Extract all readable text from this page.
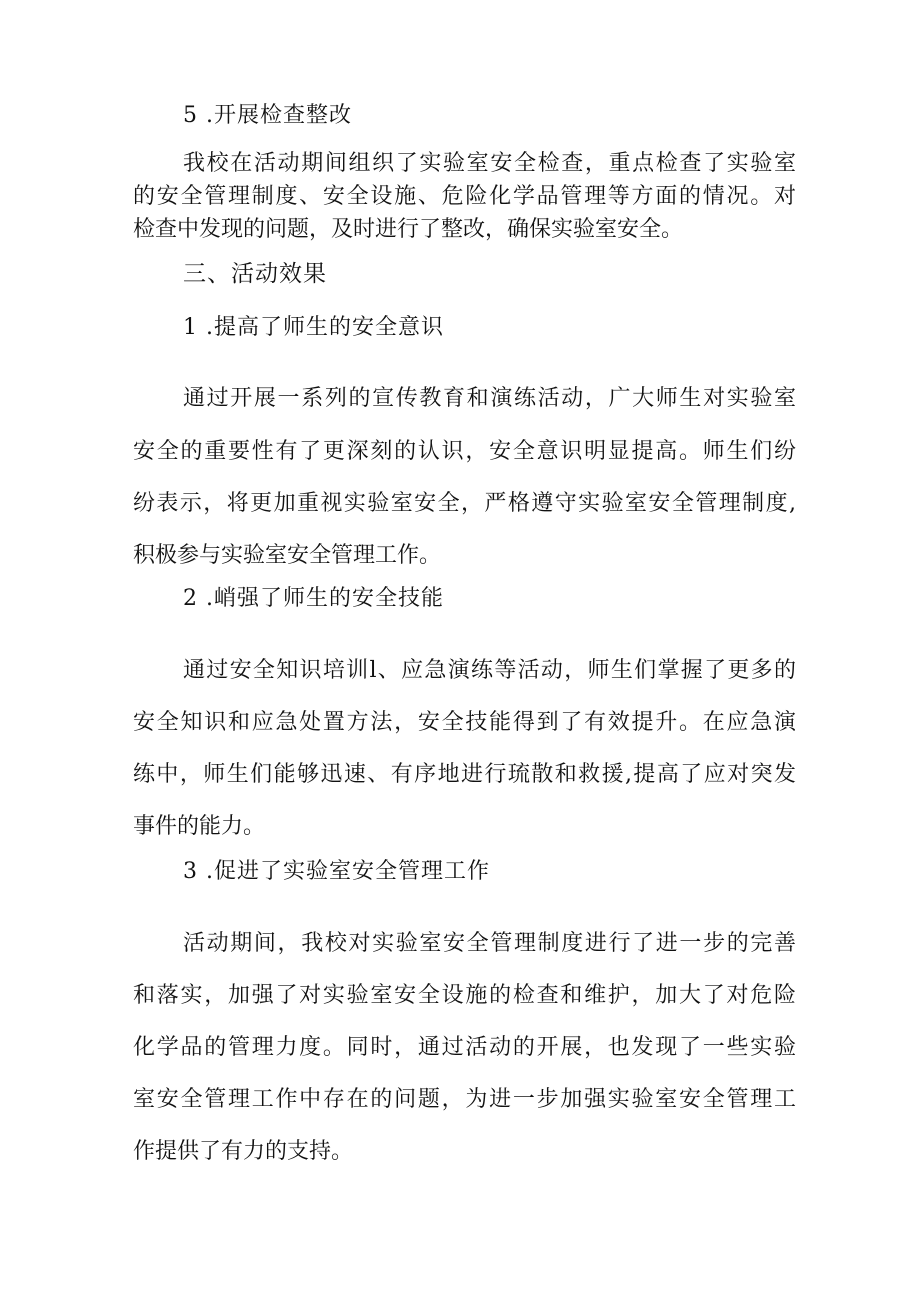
5 .开展检查整改
我校在活动期间组织了实验室安全检查，重点检查了实验室
的安全管理制度、安全设施、危险化学品管理等方面的情况。对
检查中发现的问题，及时进行了整改，确保实验室安全。
三、活动效果
1 .提高了师生的安全意识
通过开展一系列的宣传教育和演练活动，广大师生对实验室
安全的重要性有了更深刻的认识，安全意识明显提高。师生们纷
纷表示，将更加重视实验室安全，严格遵守实验室安全管理制度,
积极参与实验室安全管理工作。
2 .峭强了师生的安全技能
通过安全知识培训l、应急演练等活动，师生们掌握了更多的
安全知识和应急处置方法，安全技能得到了有效提升。在应急演
练中，师生们能够迅速、有序地进行琉散和救援,提高了应对突发
事件的能力。
3 .促进了实验室安全管理工作
活动期间，我校对实验室安全管理制度进行了进一步的完善
和落实，加强了对实验室安全设施的检查和维护，加大了对危险
化学品的管理力度。同时，通过活动的开展，也发现了一些实验
室安全管理工作中存在的问题，为进一步加强实验室安全管理工
作提供了有力的支持。
